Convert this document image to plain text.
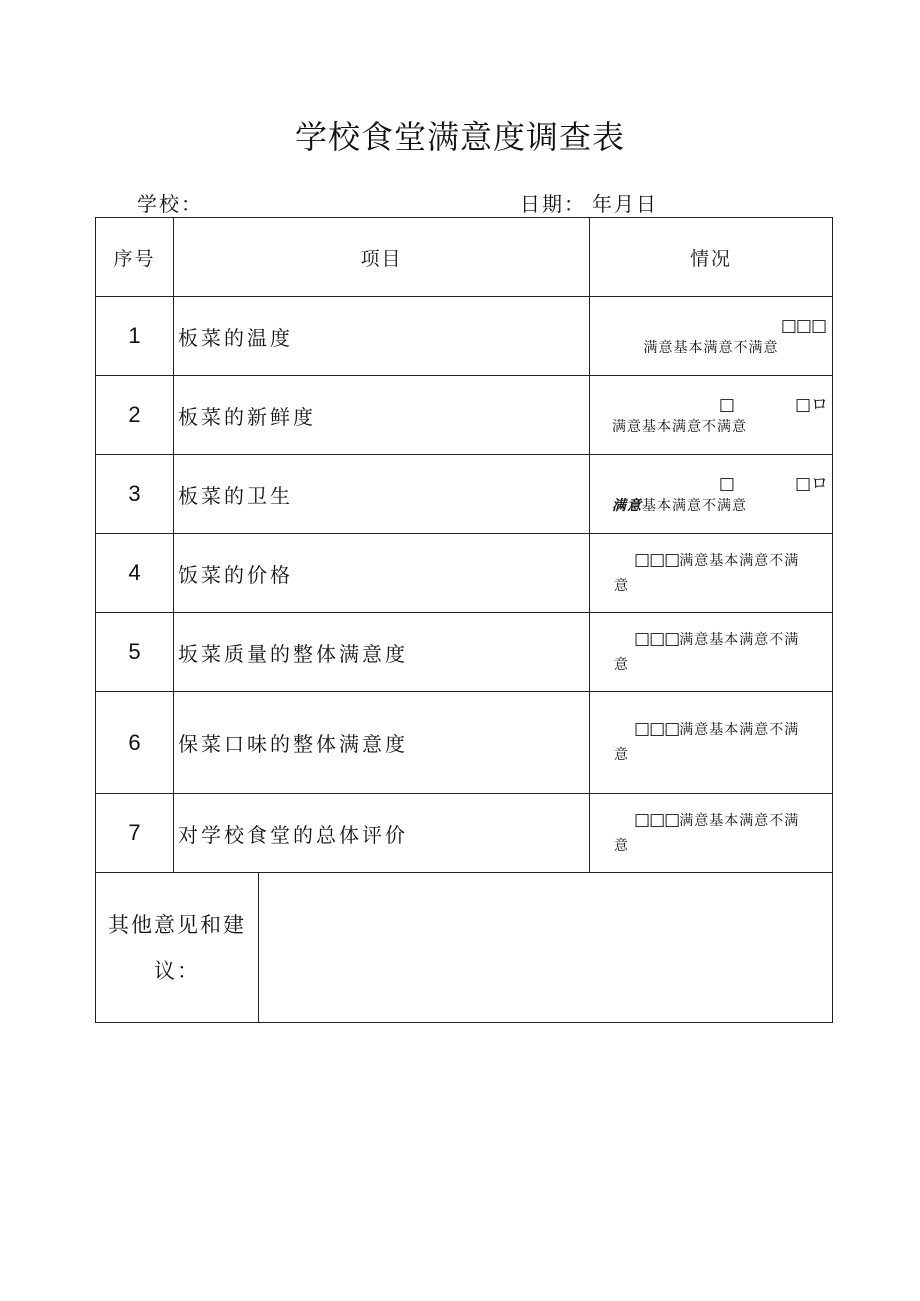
学校食堂满意度调查表
学校：	日期： 年月日
序号	项目		情况
1	板菜的温度		□□□
满意基本满意不满意

2	板菜的新鲜度		□ □ロ
满意基本满意不满意

3	板菜的卫生		□ □ロ
满意基本满意不满意

4	饭菜的价格		□□□满意基本满意不满
意

5	坂菜质量的整体满意度		□□□满意基本满意不满
意

6	保菜口味的整体满意度		□□□满意基本满意不满
意

7	对学校食堂的总体评价		□□□满意基本满意不满
意

其他意见和建
议：			
